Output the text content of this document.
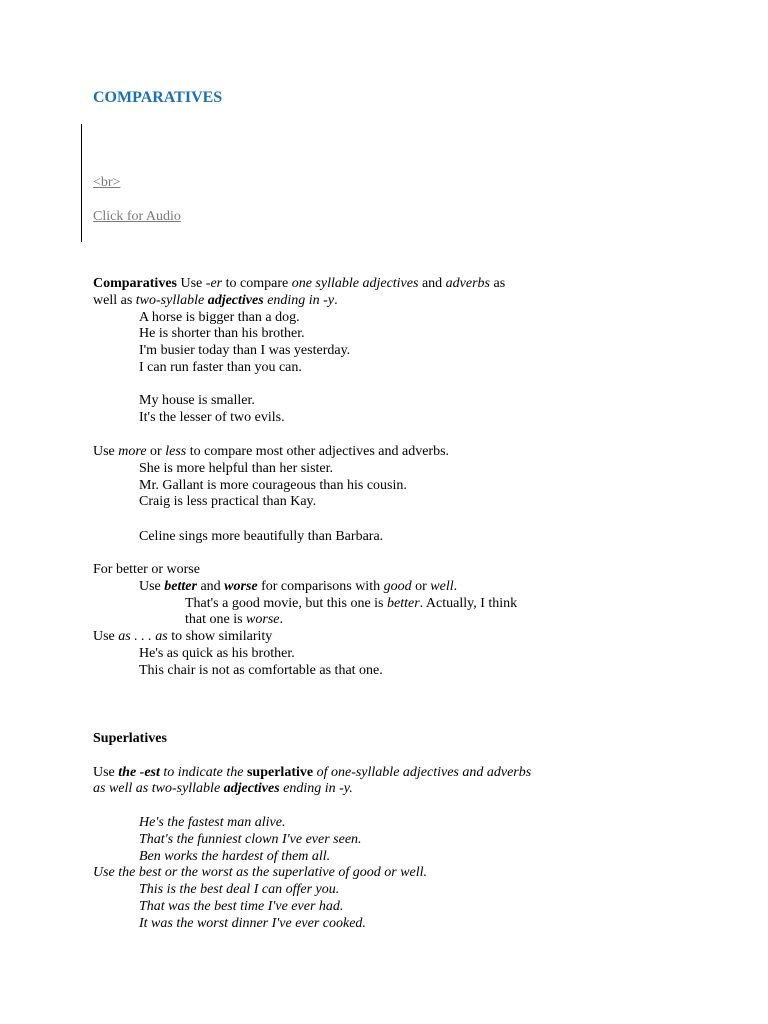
COMPARATIVES
<br>
Click for Audio
Comparatives Use -er to compare one syllable adjectives and adverbs as
well as two-syllable adjectives ending in -y.
A horse is bigger than a dog.
He is shorter than his brother.
I'm busier today than I was yesterday.
I can run faster than you can.
My house is smaller.
It's the lesser of two evils.
Use more or less to compare most other adjectives and adverbs.
She is more helpful than her sister.
Mr. Gallant is more courageous than his cousin.
Craig is less practical than Kay.
Celine sings more beautifully than Barbara.
For better or worse
Use better and worse for comparisons with good or well.
That's a good movie, but this one is better. Actually, I think
that one is worse.
Use as . . . as to show similarity
He's as quick as his brother.
This chair is not as comfortable as that one.
Superlatives
Use the -est to indicate the superlative of one-syllable adjectives and adverbs
as well as two-syllable adjectives ending in -y.
He's the fastest man alive.
That's the funniest clown I've ever seen.
Ben works the hardest of them all.
Use the best or the worst as the superlative of good or well.
This is the best deal I can offer you.
That was the best time I've ever had.
It was the worst dinner I've ever cooked.
